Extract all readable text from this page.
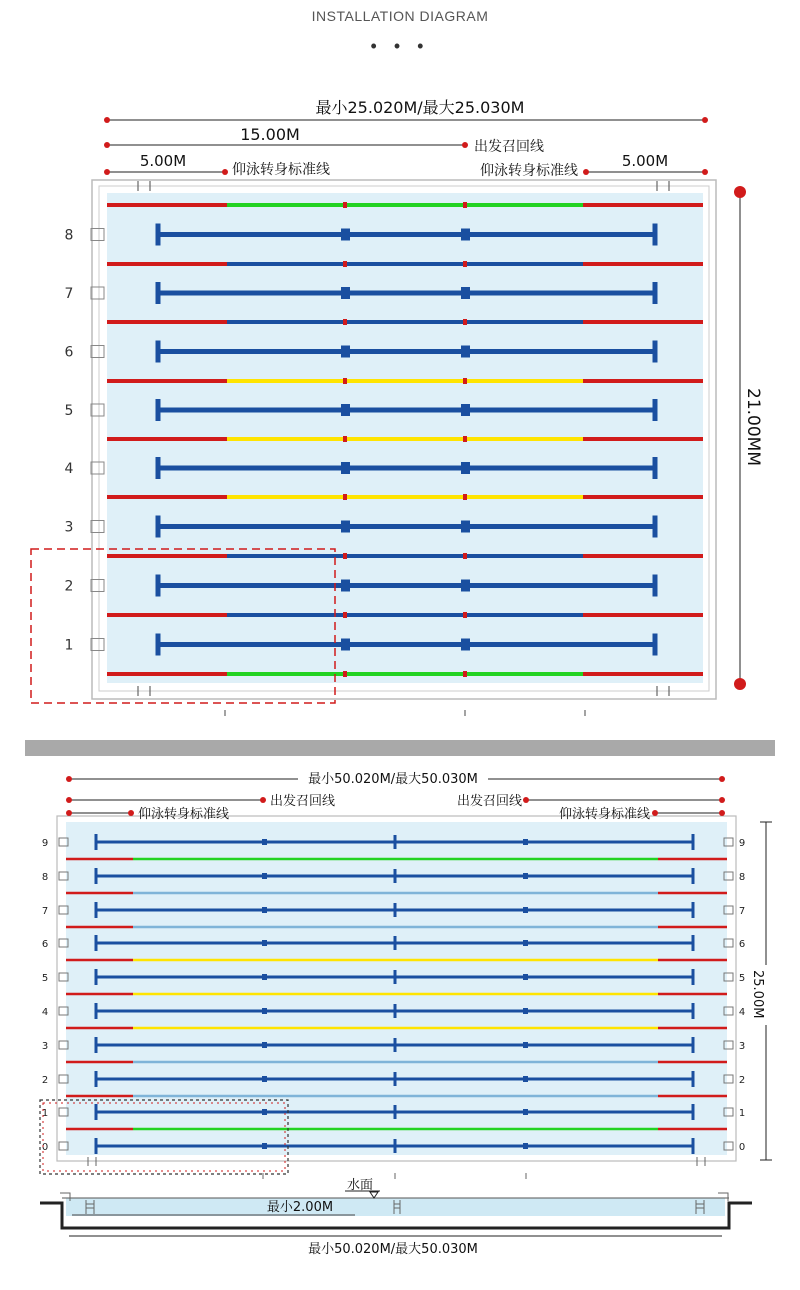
INSTALLATION DIAGRAM
• • •
8
7
6
5
4
3
2
1
最小25.020M/最大25.030M
15.00M
出发召回线
5.00M	仰泳转身标准线	仰泳转身标准线
5.00M
21.00MM
9	9
8	8
7	7
6	6
5	5
4	4
3	3
2	2
1	1
0	0
最小50.020M/最大50.030M
出发召回线	出发召回线
仰泳转身标准线	仰泳转身标准线
25.00M
水面
最小2.00M
最小50.020M/最大50.030M
